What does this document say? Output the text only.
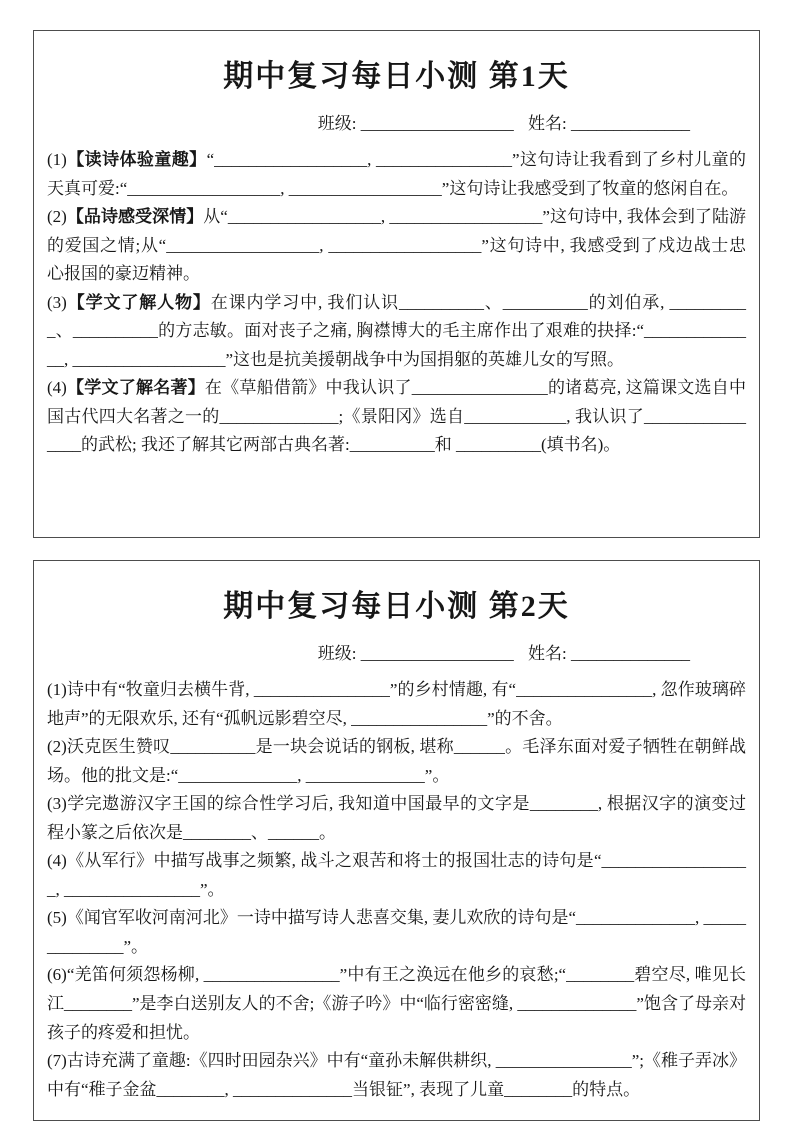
期中复习每日小测 第1天
班级: __________________ 姓名: ______________

(1)【读诗体验童趣】“__________________, ________________”这句诗让我看到了乡村儿童的天真可爱:“__________________, __________________”这句诗让我感受到了牧童的悠闲自在。

(2)【品诗感受深情】从“__________________, __________________”这句诗中, 我体会到了陆游的爱国之情;从“__________________, __________________”这句诗中, 我感受到了戍边战士忠心报国的豪迈精神。

(3)【学文了解人物】在课内学习中, 我们认识__________、__________的刘伯承, __________、__________的方志敏。面对丧子之痛, 胸襟博大的毛主席作出了艰难的抉择:“______________, __________________”这也是抗美援朝战争中为国捐躯的英雄儿女的写照。

(4)【学文了解名著】在《草船借箭》中我认识了________________的诸葛亮, 这篇课文选自中国古代四大名著之一的______________;《景阳冈》选自____________, 我认识了________________的武松; 我还了解其它两部古典名著:__________和 __________(填书名)。

期中复习每日小测 第2天
班级: __________________ 姓名: ______________

(1)诗中有“牧童归去横牛背, ________________”的乡村情趣, 有“________________, 忽作玻璃碎地声”的无限欢乐, 还有“孤帆远影碧空尽, ________________”的不舍。

(2)沃克医生赞叹__________是一块会说话的钢板, 堪称______。毛泽东面对爱子牺牲在朝鲜战场。他的批文是:“______________, ______________”。

(3)学完遨游汉字王国的综合性学习后, 我知道中国最早的文字是________, 根据汉字的演变过程小篆之后依次是________、______。

(4)《从军行》中描写战事之频繁, 战斗之艰苦和将士的报国壮志的诗句是“__________________, ________________”。

(5)《闻官军收河南河北》一诗中描写诗人悲喜交集, 妻儿欢欣的诗句是“______________, ______________”。

(6)“羌笛何须怨杨柳, ________________”中有王之涣远在他乡的哀愁;“________碧空尽, 唯见长江________”是李白送别友人的不舍;《游子吟》中“临行密密缝, ______________”饱含了母亲对孩子的疼爱和担忧。

(7)古诗充满了童趣:《四时田园杂兴》中有“童孙未解供耕织, ________________”;《稚子弄冰》中有“稚子金盆________, ______________当银钲”, 表现了儿童________的特点。
